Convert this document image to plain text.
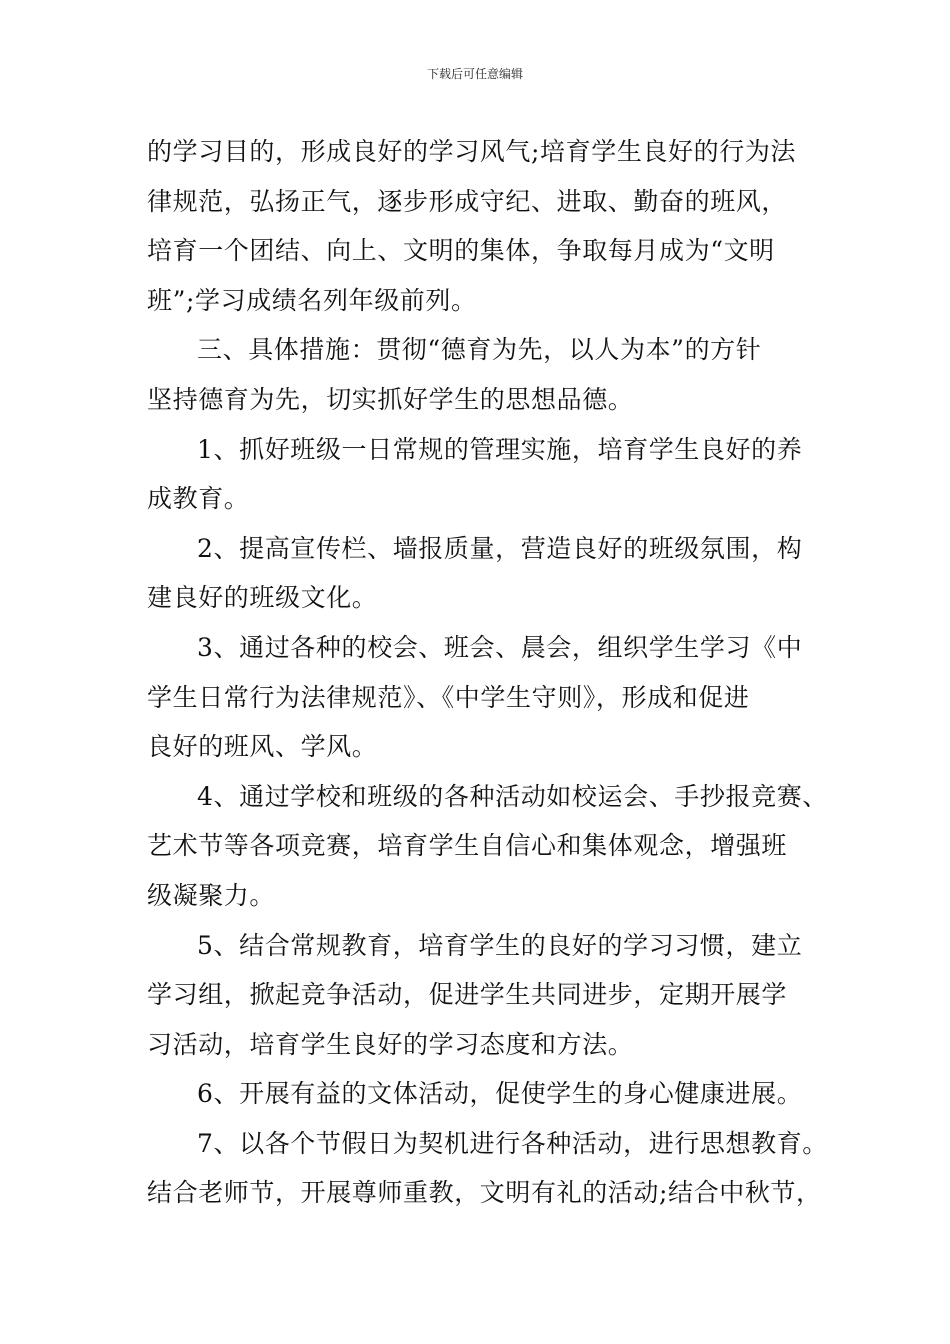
下载后可任意编辑
的学习目的，形成良好的学习风气;培育学生良好的行为法
律规范，弘扬正气，逐步形成守纪、进取、勤奋的班风，
培育一个团结、向上、文明的集体，争取每月成为“文明
班”;学习成绩名列年级前列。
三、具体措施：贯彻“德育为先，以人为本”的方针
坚持德育为先，切实抓好学生的思想品德。
1、抓好班级一日常规的管理实施，培育学生良好的养
成教育。
2、提高宣传栏、墙报质量，营造良好的班级氛围，构
建良好的班级文化。
3、通过各种的校会、班会、晨会，组织学生学习《中
学生日常行为法律规范》、《中学生守则》，形成和促进
良好的班风、学风。
4、通过学校和班级的各种活动如校运会、手抄报竞赛、
艺术节等各项竞赛，培育学生自信心和集体观念，增强班
级凝聚力。
5、结合常规教育，培育学生的良好的学习习惯，建立
学习组，掀起竞争活动，促进学生共同进步，定期开展学
习活动，培育学生良好的学习态度和方法。
6、开展有益的文体活动，促使学生的身心健康进展。
7、以各个节假日为契机进行各种活动，进行思想教育。
结合老师节，开展尊师重教，文明有礼的活动;结合中秋节，
